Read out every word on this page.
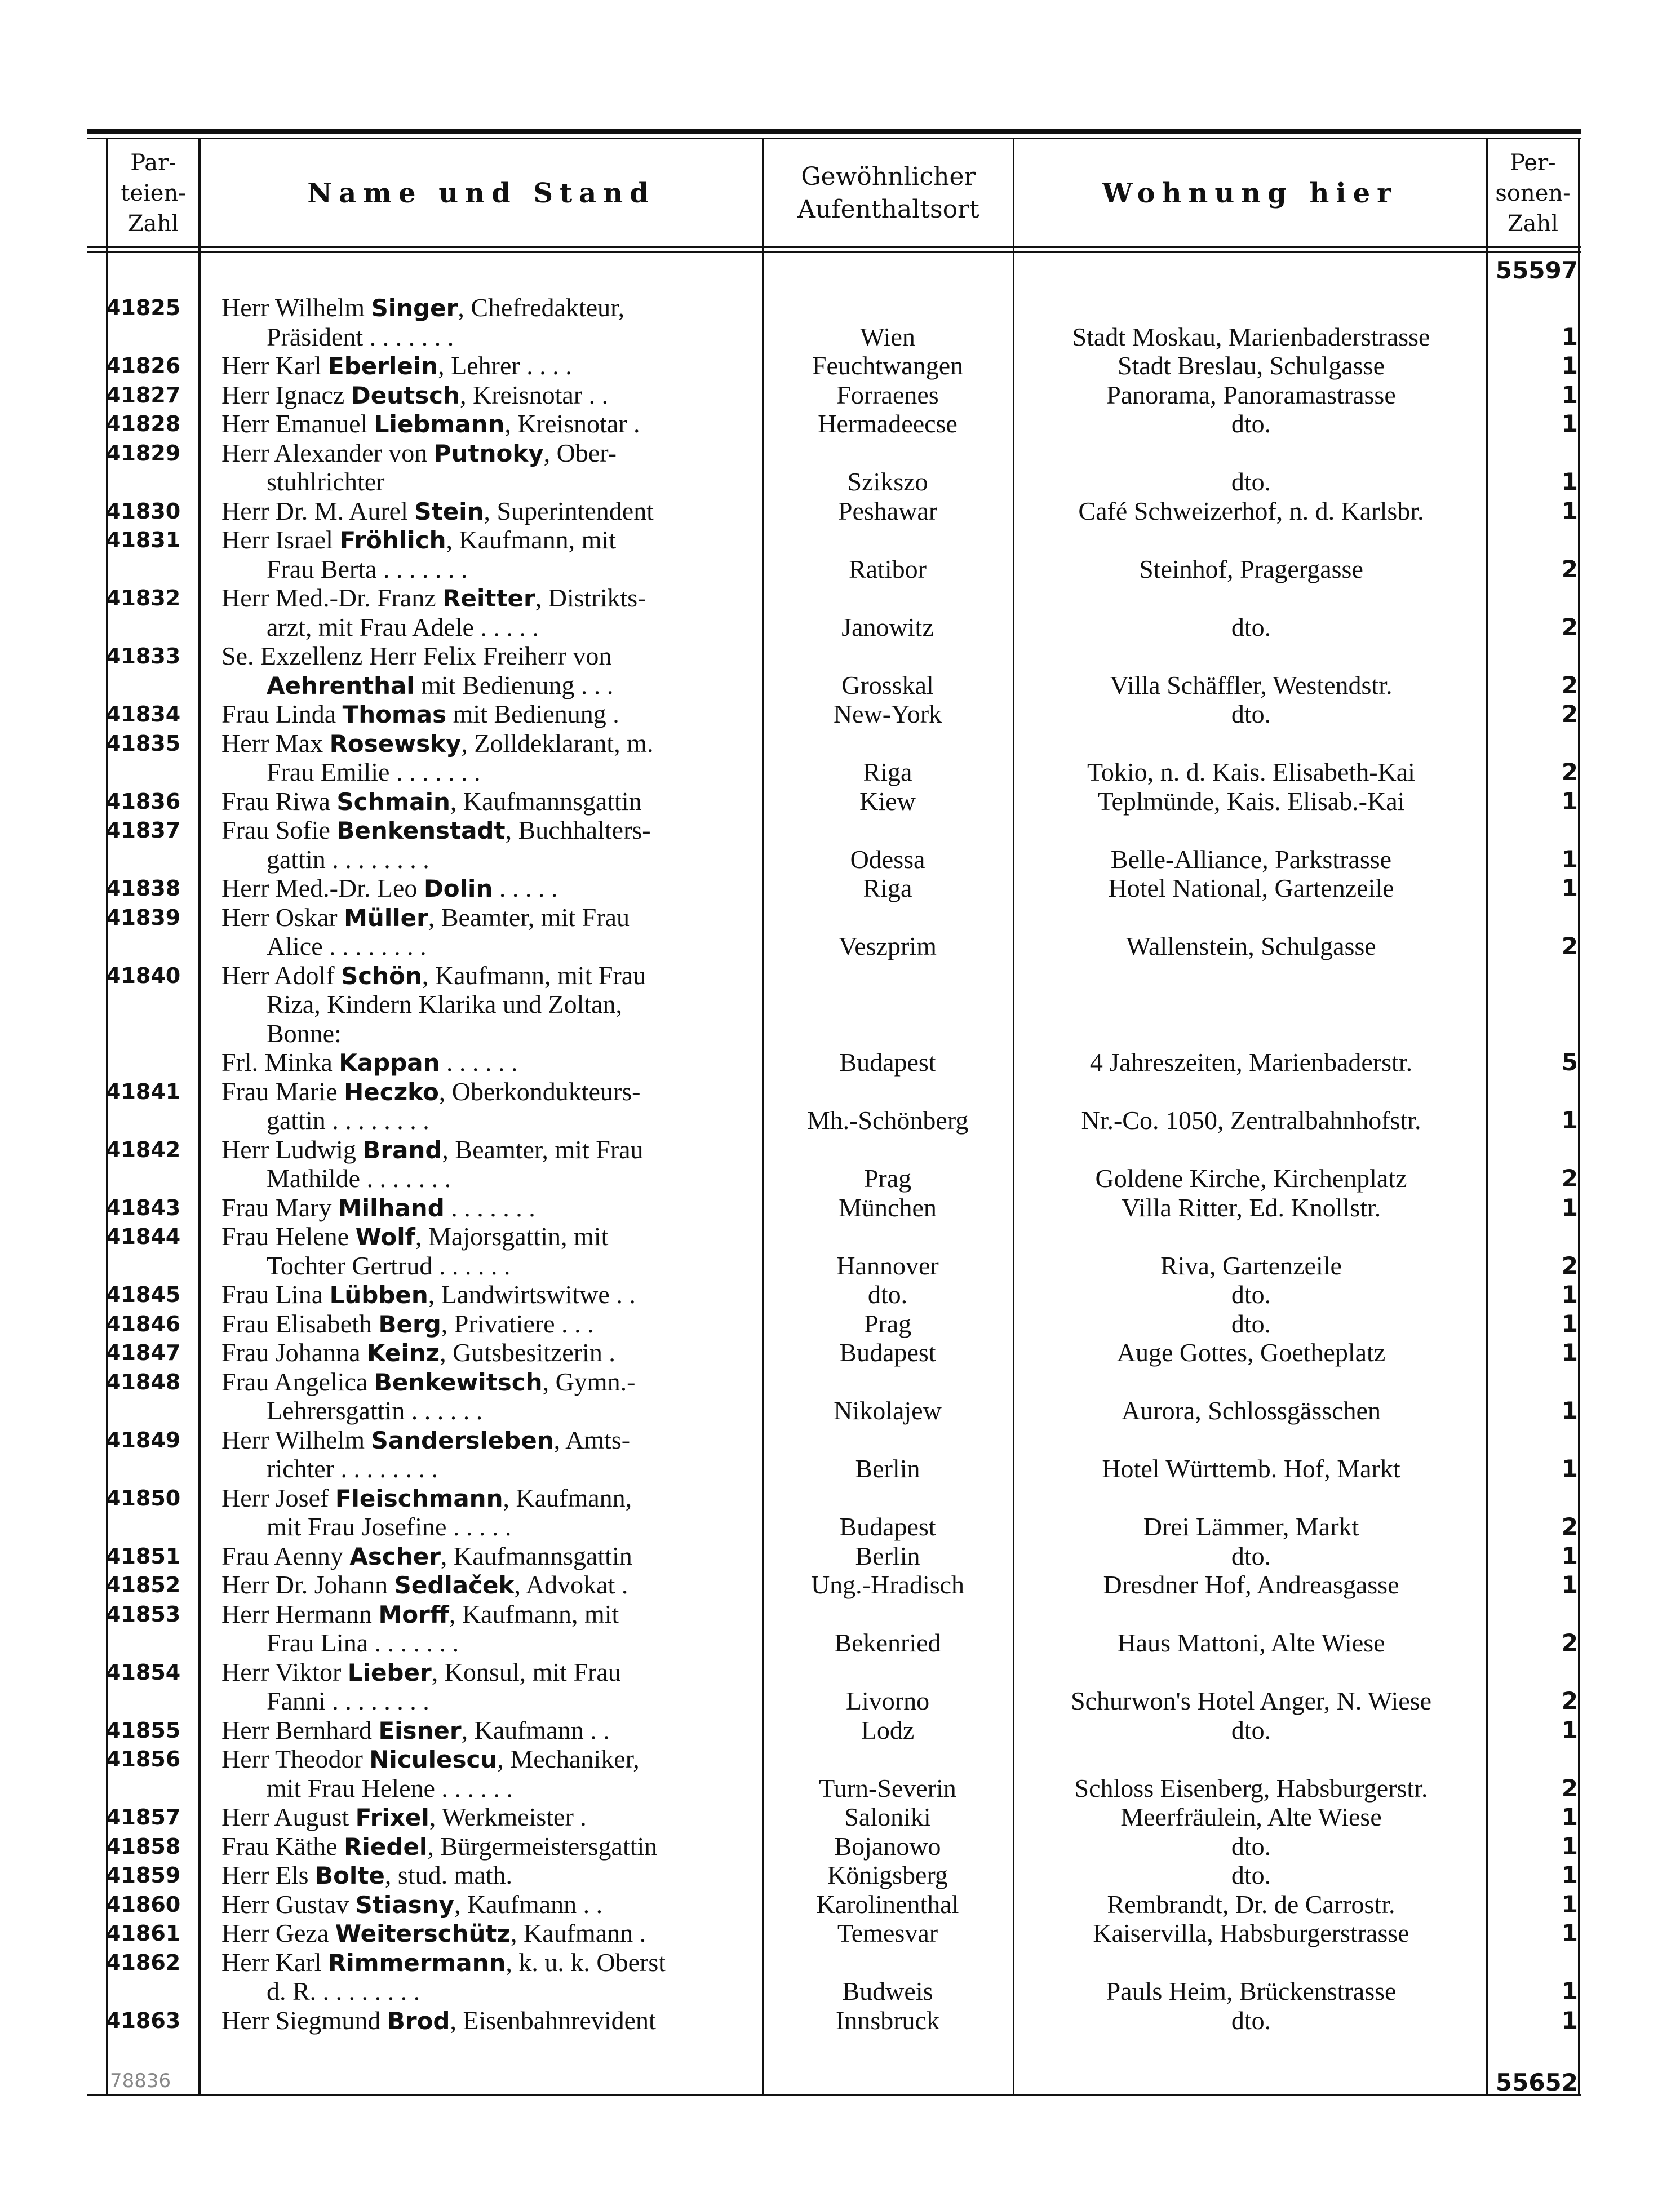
Par-
teien-
Zahl
Name und Stand
Gewöhnlicher
Aufenthaltsort
Wohnung hier
Per-
sonen-
Zahl
55597
55652
78836
41825	Herr Wilhelm Singer, Chefredakteur,
Präsident . . . . . . .	Wien	Stadt Moskau, Marienbaderstrasse	1
41826	Herr Karl Eberlein, Lehrer . . . .	Feuchtwangen	Stadt Breslau, Schulgasse	1
41827	Herr Ignacz Deutsch, Kreisnotar . .	Forraenes	Panorama, Panoramastrasse	1
41828	Herr Emanuel Liebmann, Kreisnotar .	Hermadeecse	dto.	1
41829	Herr Alexander von Putnoky, Ober-
stuhlrichter	Szikszo	dto.	1
41830	Herr Dr. M. Aurel Stein, Superintendent	Peshawar	Café Schweizerhof, n. d. Karlsbr.	1
41831	Herr Israel Fröhlich, Kaufmann, mit
Frau Berta . . . . . . .	Ratibor	Steinhof, Pragergasse	2
41832	Herr Med.-Dr. Franz Reitter, Distrikts-
arzt, mit Frau Adele . . . . .	Janowitz	dto.	2
41833	Se. Exzellenz Herr Felix Freiherr von
Aehrenthal mit Bedienung . . .	Grosskal	Villa Schäffler, Westendstr.	2
41834	Frau Linda Thomas mit Bedienung .	New-York	dto.	2
41835	Herr Max Rosewsky, Zolldeklarant, m.
Frau Emilie . . . . . . .	Riga	Tokio, n. d. Kais. Elisabeth-Kai	2
41836	Frau Riwa Schmain, Kaufmannsgattin	Kiew	Teplmünde, Kais. Elisab.-Kai	1
41837	Frau Sofie Benkenstadt, Buchhalters-
gattin . . . . . . . .	Odessa	Belle-Alliance, Parkstrasse	1
41838	Herr Med.-Dr. Leo Dolin . . . . .	Riga	Hotel National, Gartenzeile	1
41839	Herr Oskar Müller, Beamter, mit Frau
Alice . . . . . . . .	Veszprim	Wallenstein, Schulgasse	2
41840	Herr Adolf Schön, Kaufmann, mit Frau
Riza, Kindern Klarika und Zoltan,
Bonne:
Frl. Minka Kappan . . . . . .	Budapest	4 Jahreszeiten, Marienbaderstr.	5
41841	Frau Marie Heczko, Oberkondukteurs-
gattin . . . . . . . .	Mh.-Schönberg	Nr.-Co. 1050, Zentralbahnhofstr.	1
41842	Herr Ludwig Brand, Beamter, mit Frau
Mathilde . . . . . . .	Prag	Goldene Kirche, Kirchenplatz	2
41843	Frau Mary Milhand . . . . . . .	München	Villa Ritter, Ed. Knollstr.	1
41844	Frau Helene Wolf, Majorsgattin, mit
Tochter Gertrud . . . . . .	Hannover	Riva, Gartenzeile	2
41845	Frau Lina Lübben, Landwirtswitwe . .	dto.	dto.	1
41846	Frau Elisabeth Berg, Privatiere . . .	Prag	dto.	1
41847	Frau Johanna Keinz, Gutsbesitzerin .	Budapest	Auge Gottes, Goetheplatz	1
41848	Frau Angelica Benkewitsch, Gymn.-
Lehrersgattin . . . . . .	Nikolajew	Aurora, Schlossgässchen	1
41849	Herr Wilhelm Sandersleben, Amts-
richter . . . . . . . .	Berlin	Hotel Württemb. Hof, Markt	1
41850	Herr Josef Fleischmann, Kaufmann,
mit Frau Josefine . . . . .	Budapest	Drei Lämmer, Markt	2
41851	Frau Aenny Ascher, Kaufmannsgattin	Berlin	dto.	1
41852	Herr Dr. Johann Sedlaček, Advokat .	Ung.-Hradisch	Dresdner Hof, Andreasgasse	1
41853	Herr Hermann Morff, Kaufmann, mit
Frau Lina . . . . . . .	Bekenried	Haus Mattoni, Alte Wiese	2
41854	Herr Viktor Lieber, Konsul, mit Frau
Fanni . . . . . . . .	Livorno	Schurwon's Hotel Anger, N. Wiese	2
41855	Herr Bernhard Eisner, Kaufmann . .	Lodz	dto.	1
41856	Herr Theodor Niculescu, Mechaniker,
mit Frau Helene . . . . . .	Turn-Severin	Schloss Eisenberg, Habsburgerstr.	2
41857	Herr August Frixel, Werkmeister .	Saloniki	Meerfräulein, Alte Wiese	1
41858	Frau Käthe Riedel, Bürgermeistersgattin	Bojanowo	dto.	1
41859	Herr Els Bolte, stud. math.	Königsberg	dto.	1
41860	Herr Gustav Stiasny, Kaufmann . .	Karolinenthal	Rembrandt, Dr. de Carrostr.	1
41861	Herr Geza Weiterschütz, Kaufmann .	Temesvar	Kaiservilla, Habsburgerstrasse	1
41862	Herr Karl Rimmermann, k. u. k. Oberst
d. R. . . . . . . . .	Budweis	Pauls Heim, Brückenstrasse	1
41863	Herr Siegmund Brod, Eisenbahnrevident	Innsbruck	dto.	1
